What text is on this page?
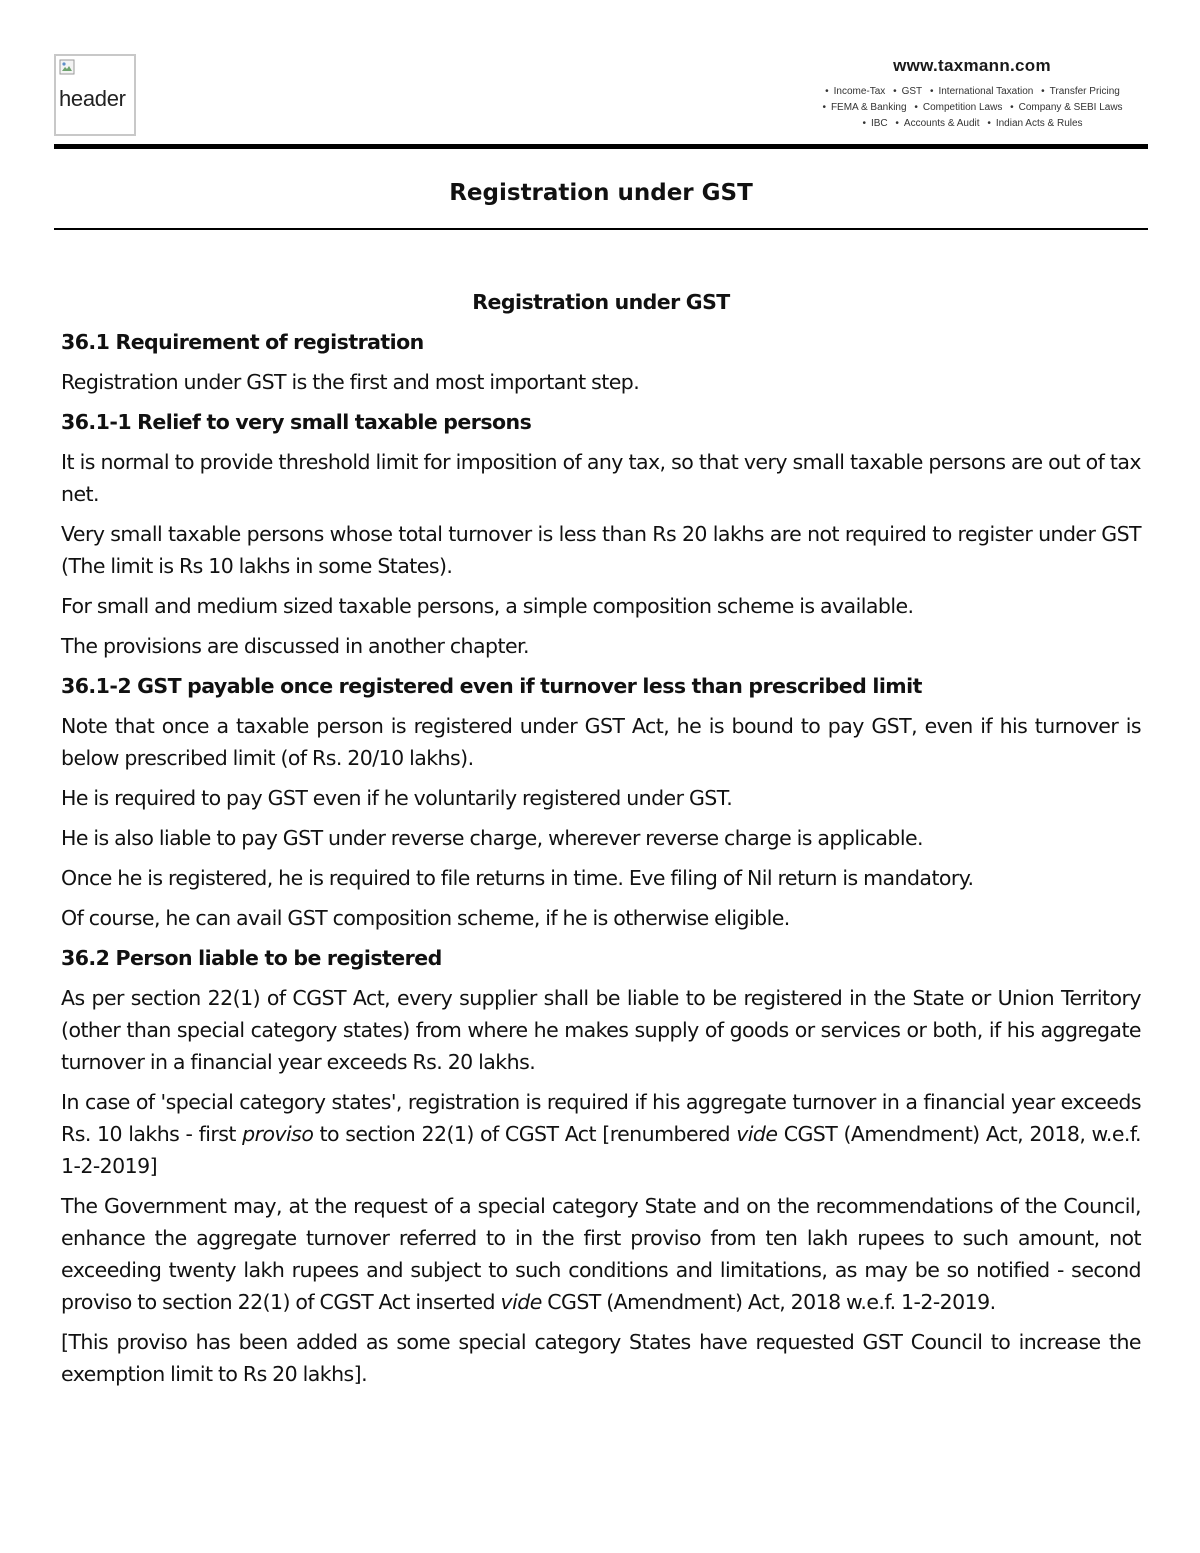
header
www.taxmann.com
• Income-Tax • GST • International Taxation • Transfer Pricing
• FEMA & Banking • Competition Laws • Company & SEBI Laws
• IBC • Accounts & Audit • Indian Acts & Rules
Registration under GST
Registration under GST
36.1 Requirement of registration

Registration under GST is the first and most important step.

36.1-1 Relief to very small taxable persons

It is normal to provide threshold limit for imposition of any tax, so that very small taxable persons are out of tax net.

Very small taxable persons whose total turnover is less than Rs 20 lakhs are not required to register under GST (The limit is Rs 10 lakhs in some States).

For small and medium sized taxable persons, a simple composition scheme is available.

The provisions are discussed in another chapter.

36.1-2 GST payable once registered even if turnover less than prescribed limit

Note that once a taxable person is registered under GST Act, he is bound to pay GST, even if his turnover is below prescribed limit (of Rs. 20/10 lakhs).

He is required to pay GST even if he voluntarily registered under GST.

He is also liable to pay GST under reverse charge, wherever reverse charge is applicable.

Once he is registered, he is required to file returns in time. Eve filing of Nil return is mandatory.

Of course, he can avail GST composition scheme, if he is otherwise eligible.

36.2 Person liable to be registered

As per section 22(1) of CGST Act, every supplier shall be liable to be registered in the State or Union Territory (other than special category states) from where he makes supply of goods or services or both, if his aggregate turnover in a financial year exceeds Rs. 20 lakhs.

In case of 'special category states', registration is required if his aggregate turnover in a financial year exceeds Rs. 10 lakhs - first proviso to section 22(1) of CGST Act [renumbered vide CGST (Amendment) Act, 2018, w.e.f. 1-2-2019]

The Government may, at the request of a special category State and on the recommendations of the Council, enhance the aggregate turnover referred to in the first proviso from ten lakh rupees to such amount, not exceeding twenty lakh rupees and subject to such conditions and limitations, as may be so notified - second proviso to section 22(1) of CGST Act inserted vide CGST (Amendment) Act, 2018 w.e.f. 1-2-2019.

[This proviso has been added as some special category States have requested GST Council to increase the exemption limit to Rs 20 lakhs].
